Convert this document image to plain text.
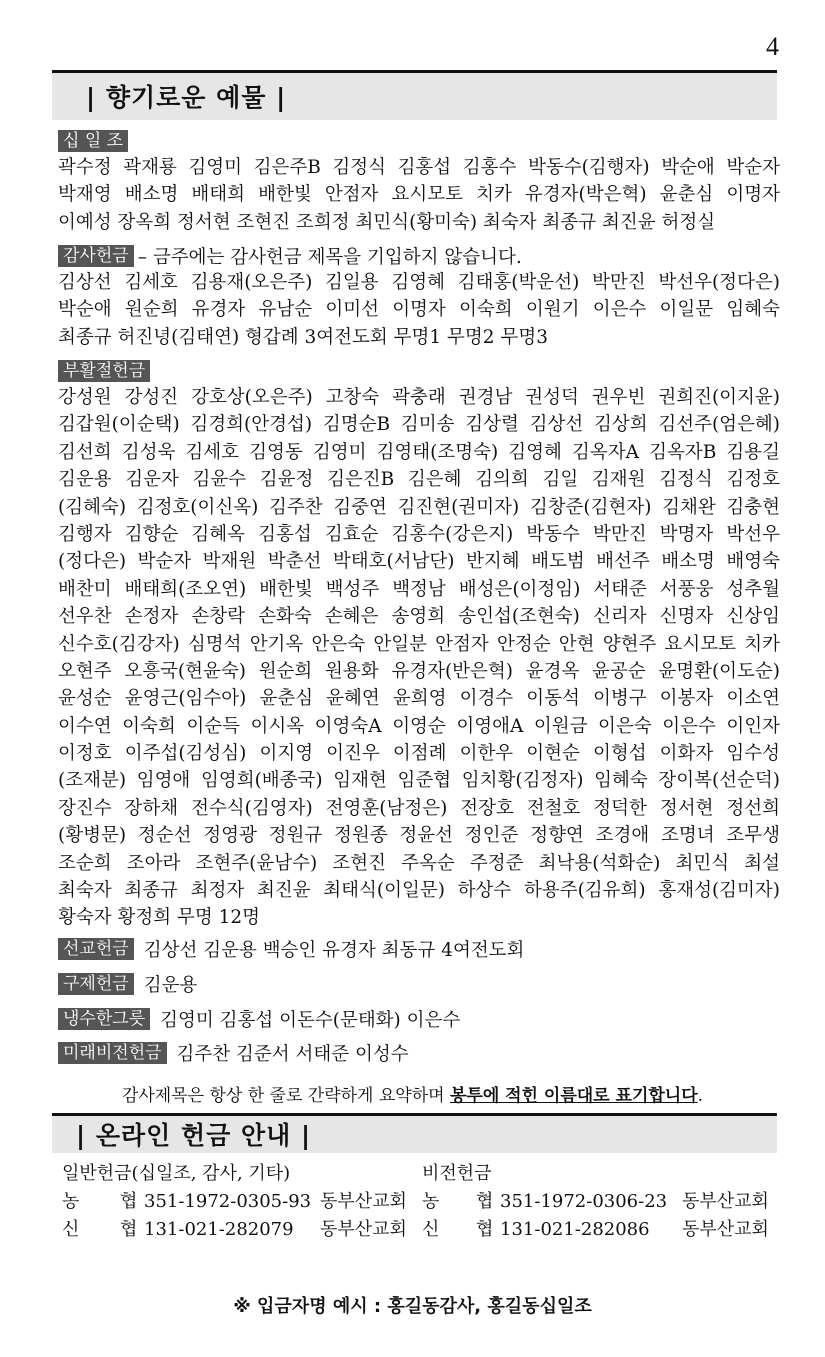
4
| 향기로운 예물 |
십 일 조
곽수정 곽재룡 김영미 김은주B 김정식 김홍섭 김홍수 박동수(김행자) 박순애 박순자
박재영 배소명 배태희 배한빛 안점자 요시모토 치카 유경자(박은혁) 윤춘심 이명자
이예성 장옥희 정서현 조현진 조희정 최민식(황미숙) 최숙자 최종규 최진윤 허정실
감사헌금 – 금주에는 감사헌금 제목을 기입하지 않습니다.
김상선 김세호 김용재(오은주) 김일용 김영혜 김태홍(박운선) 박만진 박선우(정다은)
박순애 원순희 유경자 유남순 이미선 이명자 이숙희 이원기 이은수 이일문 임혜숙
최종규 허진녕(김태연) 형갑례 3여전도회 무명1 무명2 무명3
부활절헌금
강성원 강성진 강호상(오은주) 고창숙 곽충래 권경남 권성덕 권우빈 권희진(이지윤)
김갑원(이순택) 김경희(안경섭) 김명순B 김미송 김상렬 김상선 김상희 김선주(엄은혜)
김선희 김성욱 김세호 김영동 김영미 김영태(조명숙) 김영혜 김옥자A 김옥자B 김용길
김운용 김운자 김윤수 김윤정 김은진B 김은혜 김의희 김일 김재원 김정식 김정호
(김혜숙) 김정호(이신옥) 김주찬 김중연 김진현(권미자) 김창준(김현자) 김채완 김충현
김행자 김향순 김혜옥 김홍섭 김효순 김홍수(강은지) 박동수 박만진 박명자 박선우
(정다은) 박순자 박재원 박춘선 박태호(서남단) 반지혜 배도범 배선주 배소명 배영숙
배찬미 배태희(조오연) 배한빛 백성주 백정남 배성은(이정임) 서태준 서풍웅 성추월
선우찬 손정자 손창락 손화숙 손혜은 송영희 송인섭(조현숙) 신리자 신명자 신상임
신수호(김강자) 심명석 안기옥 안은숙 안일분 안점자 안정순 안현 양현주 요시모토 치카
오현주 오흥국(현윤숙) 원순희 원용화 유경자(반은혁) 윤경옥 윤공순 윤명환(이도순)
윤성순 윤영근(임수아) 윤춘심 윤혜연 윤희영 이경수 이동석 이병구 이봉자 이소연
이수연 이숙희 이순득 이시옥 이영숙A 이영순 이영애A 이원금 이은숙 이은수 이인자
이정호 이주섭(김성심) 이지영 이진우 이점례 이한우 이현순 이형섭 이화자 임수성
(조재분) 임영애 임영희(배종국) 임재현 임준협 임치황(김정자) 임혜숙 장이복(선순덕)
장진수 장하채 전수식(김영자) 전영훈(남정은) 전장호 전철호 정덕한 정서현 정선희
(황병문) 정순선 정영광 정원규 정원종 정윤선 정인준 정향연 조경애 조명녀 조무생
조순희 조아라 조현주(윤남수) 조현진 주옥순 주정준 최낙용(석화순) 최민식 최설
최숙자 최종규 최정자 최진윤 최태식(이일문) 하상수 하용주(김유희) 홍재성(김미자)
황숙자 황정희 무명 12명
선교헌금 김상선 김운용 백승인 유경자 최동규 4여전도회
구제헌금 김운용
냉수한그릇 김영미 김홍섭 이돈수(문태화) 이은수
미래비전헌금 김주찬 김준서 서태준 이성수
감사제목은 항상 한 줄로 간략하게 요약하며 봉투에 적힌 이름대로 표기합니다.
| 온라인 헌금 안내 |
일반헌금(십일조, 감사, 기타)	비전헌금
농 협 351-1972-0305-93 동부산교회 농 협 351-1972-0306-23 동부산교회
신 협 131-021-282079 동부산교회 신 협 131-021-282086 동부산교회
※ 입금자명 예시 : 홍길동감사, 홍길동십일조
